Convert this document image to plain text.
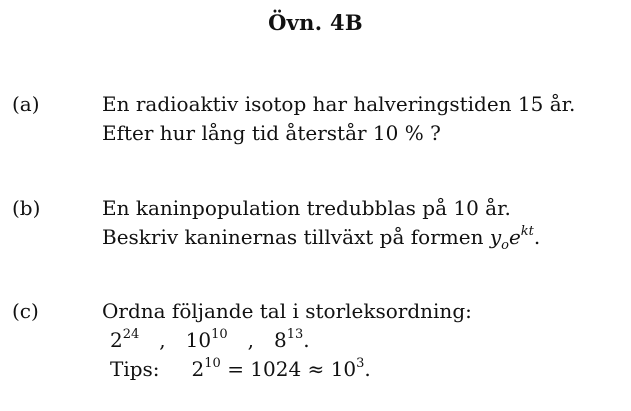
Övn. 4B
(a)	En radioaktiv isotop har halveringstiden 15 år.
Efter hur lång tid återstår 10 % ?
(b)	En kaninpopulation tredubblas på 10 år.
Beskriv kaninernas tillväxt på formen $y_oe^{kt}$.
(c)	Ordna följande tal i storleksordning:
$2^{24}$ , $10^{10}$ , $8^{13}$.
Tips: $2^{10} = 1024 \approx 10^3$.
